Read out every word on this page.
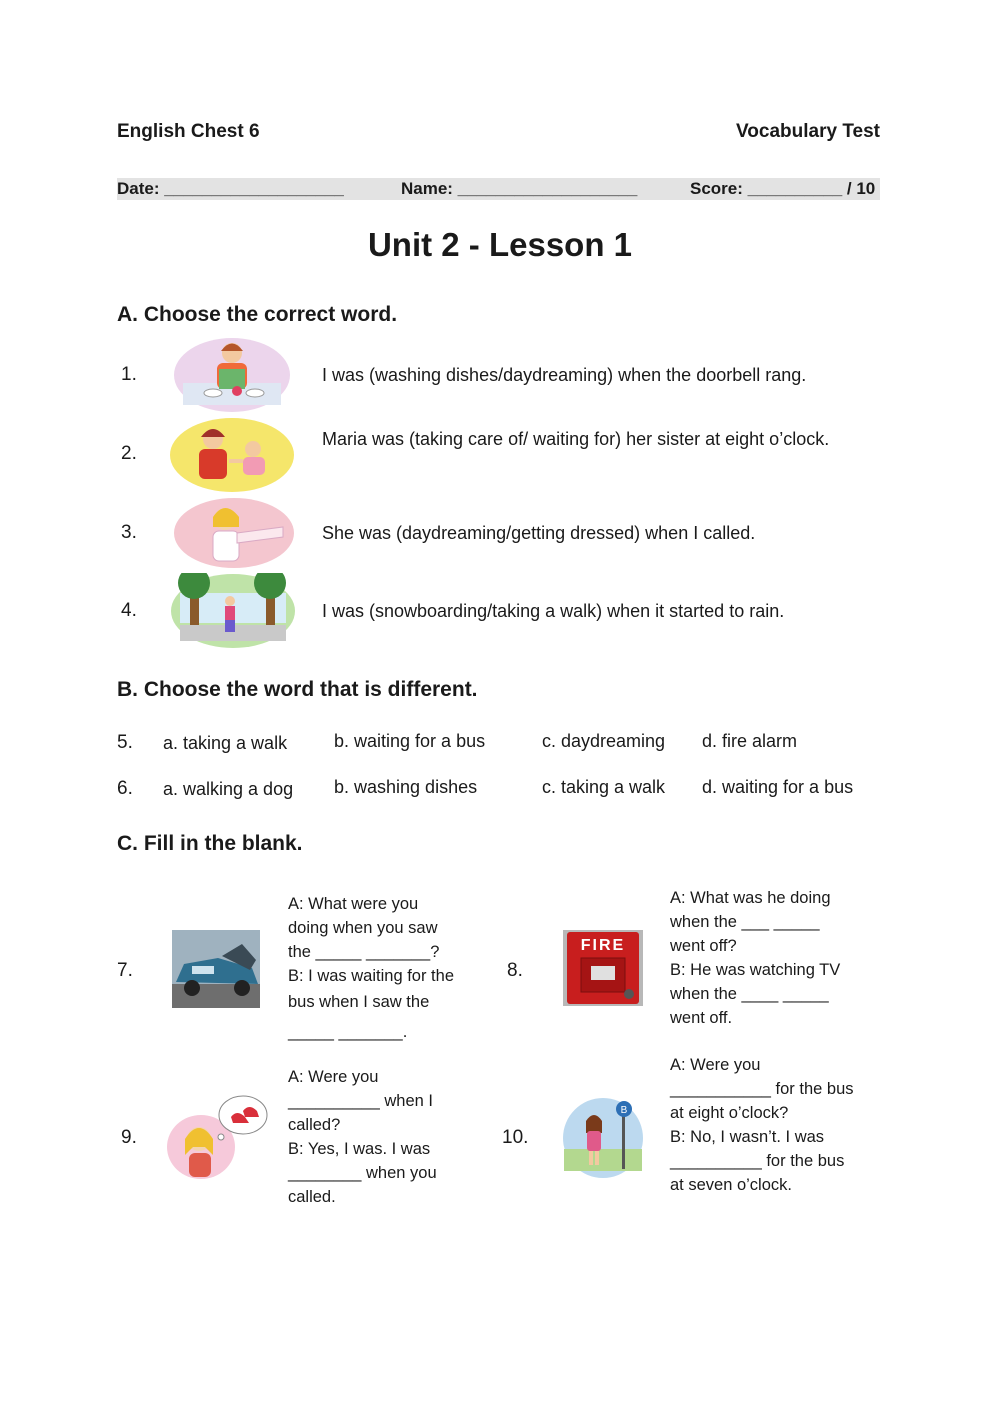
English Chest 6	Vocabulary Test
Date: ___________________	Name: ___________________	Score: __________ / 10
Unit 2 - Lesson 1
A. Choose the correct word.
1.	I was (washing dishes/daydreaming) when the doorbell rang.
2.
Maria was (taking care of/ waiting for) her sister at eight o’clock.
3.	She was (daydreaming/getting dressed) when I called.
4.	I was (snowboarding/taking a walk) when it started to rain.
B. Choose the word that is different.
5. a. taking a walk	b. waiting for a bus	c. daydreaming d. fire alarm
6. a. walking a dog b. washing dishes	c. taking a walk d. waiting for a bus
C. Fill in the blank.
7.
A: What were you
doing when you saw
the _____ _______?
B: I was waiting for the
bus when I saw the
_____ _______.
8.
FIRE
A: What was he doing
when the ___ _____
went off?
B: He was watching TV
when the ____ _____
went off.
9.
A: Were you
__________ when I
called?
B: Yes, I was. I was
________ when you
called.
10.
B
A: Were you
___________ for the bus
at eight o’clock?
B: No, I wasn’t. I was
__________ for the bus
at seven o’clock.
